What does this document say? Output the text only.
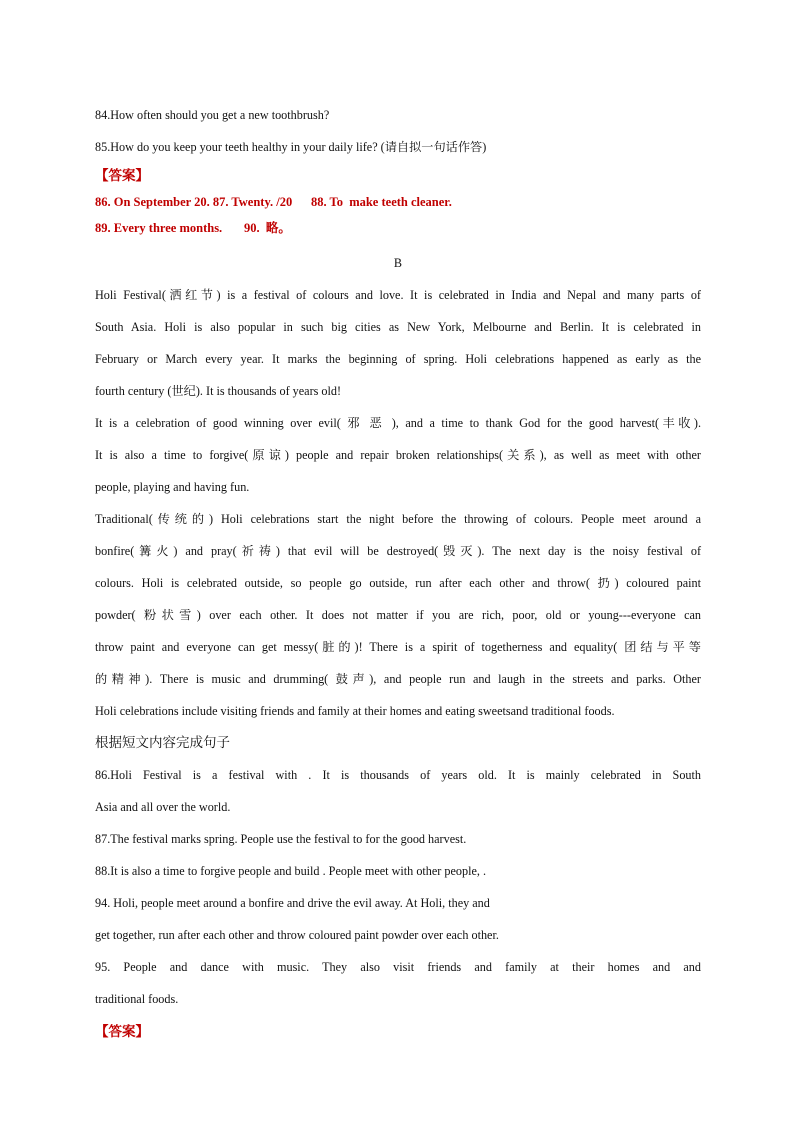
84.How often should you get a new toothbrush?
85.How do you keep your teeth healthy in your daily life? (请自拟一句话作答)
【答案】
86. On September 20. 87. Twenty. /20      88. To  make teeth cleaner.
89. Every three months.       90.  略。
B
Holi Festival(洒红节) is a festival of colours and love. It is celebrated in India and Nepal and many parts of
South Asia. Holi is also popular in such big cities as New York, Melbourne and Berlin. It is celebrated in
February or March every year. It marks the beginning of spring. Holi celebrations happened as early as the
fourth century (世纪). It is thousands of years old!
It is a celebration of good winning over evil( 邪 恶 ), and a time to thank God for the good harvest(丰收).
It is also a time to forgive(原谅) people and repair broken relationships(关系), as well as meet with other
people, playing and having fun.
Traditional(传统的) Holi celebrations start the night before the throwing of colours. People meet around a
bonfire(篝火) and pray(祈祷) that evil will be destroyed(毁灭). The next day is the noisy festival of
colours. Holi is celebrated outside, so people go outside, run after each other and throw( 扔) coloured paint
powder( 粉状雪) over each other. It does not matter if you are rich, poor, old or young---everyone can
throw paint and everyone can get messy(脏的)! There is a spirit of togetherness and equality( 团结与平等
的精神). There is music and drumming( 鼓声), and people run and laugh in the streets and parks. Other
Holi celebrations include visiting friends and family at their homes and eating sweetsand traditional foods.
根据短文内容完成句子
86.Holi Festival is a festival with . It is thousands of years old. It is mainly celebrated in South
Asia and all over the world.
87.The festival marks spring. People use the festival to for the good harvest.
88.It is also a time to forgive people and build . People meet with other people, .
94. Holi, people meet around a bonfire and drive the evil away. At Holi, they and
get together, run after each other and throw coloured paint powder over each other.
95. People and dance with music. They also visit friends and family at their homes and and
traditional foods.
【答案】
